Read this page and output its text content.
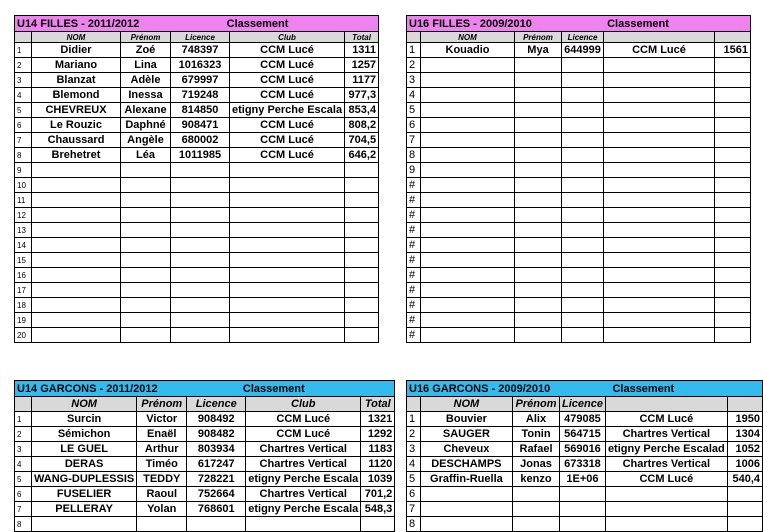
U14 FILLES - 2011/2012			Classement		
	NOM	Prénom	Licence	Club	Total
1	Didier	Zoé	748397	CCM Lucé	1311
2	Mariano	Lina	1016323	CCM Lucé	1257
3	Blanzat	Adèle	679997	CCM Lucé	1177
4	Blemond	Inessa	719248	CCM Lucé	977,3
5	CHEVREUX	Alexane	814850	etigny Perche Escala	853,4
6	Le Rouzic	Daphné	908471	CCM Lucé	808,2
7	Chaussard	Angèle	680002	CCM Lucé	704,5
8	Brehetret	Léa	1011985	CCM Lucé	646,2
9					
10					
11					
12					
13					
14					
15					
16					
17					
18					
19					
20					
U16 FILLES - 2009/2010			Classement		
	NOM	Prénom	Licence		
1	Kouadio	Mya	644999	CCM Lucé	1561
2					
3					
4					
5					
6					
7					
8					
9					
#					
#					
#					
#					
#					
#					
#					
#					
#					
#					
#					
U14 GARCONS - 2011/2012			Classement		
	NOM	Prénom	Licence	Club	Total
1	Surcin	Victor	908492	CCM Lucé	1321
2	Sémichon	Enaël	908482	CCM Lucé	1292
3	LE GUEL	Arthur	803934	Chartres Vertical	1183
4	DERAS	Timéo	617247	Chartres Vertical	1120
5	WANG-DUPLESSIS	TEDDY	728221	etigny Perche Escala	1039
6	FUSELIER	Raoul	752664	Chartres Vertical	701,2
7	PELLERAY	Yolan	768601	etigny Perche Escala	548,3
8					
U16 GARCONS - 2009/2010			Classement		
	NOM	Prénom	Licence		
1	Bouvier	Alix	479085	CCM Lucé	1950
2	SAUGER	Tonin	564715	Chartres Vertical	1304
3	Cheveux	Rafael	569016	etigny Perche Escalad	1052
4	DESCHAMPS	Jonas	673318	Chartres Vertical	1006
5	Graffin-Ruella	kenzo	1E+06	CCM Lucé	540,4
6					
7					
8					
